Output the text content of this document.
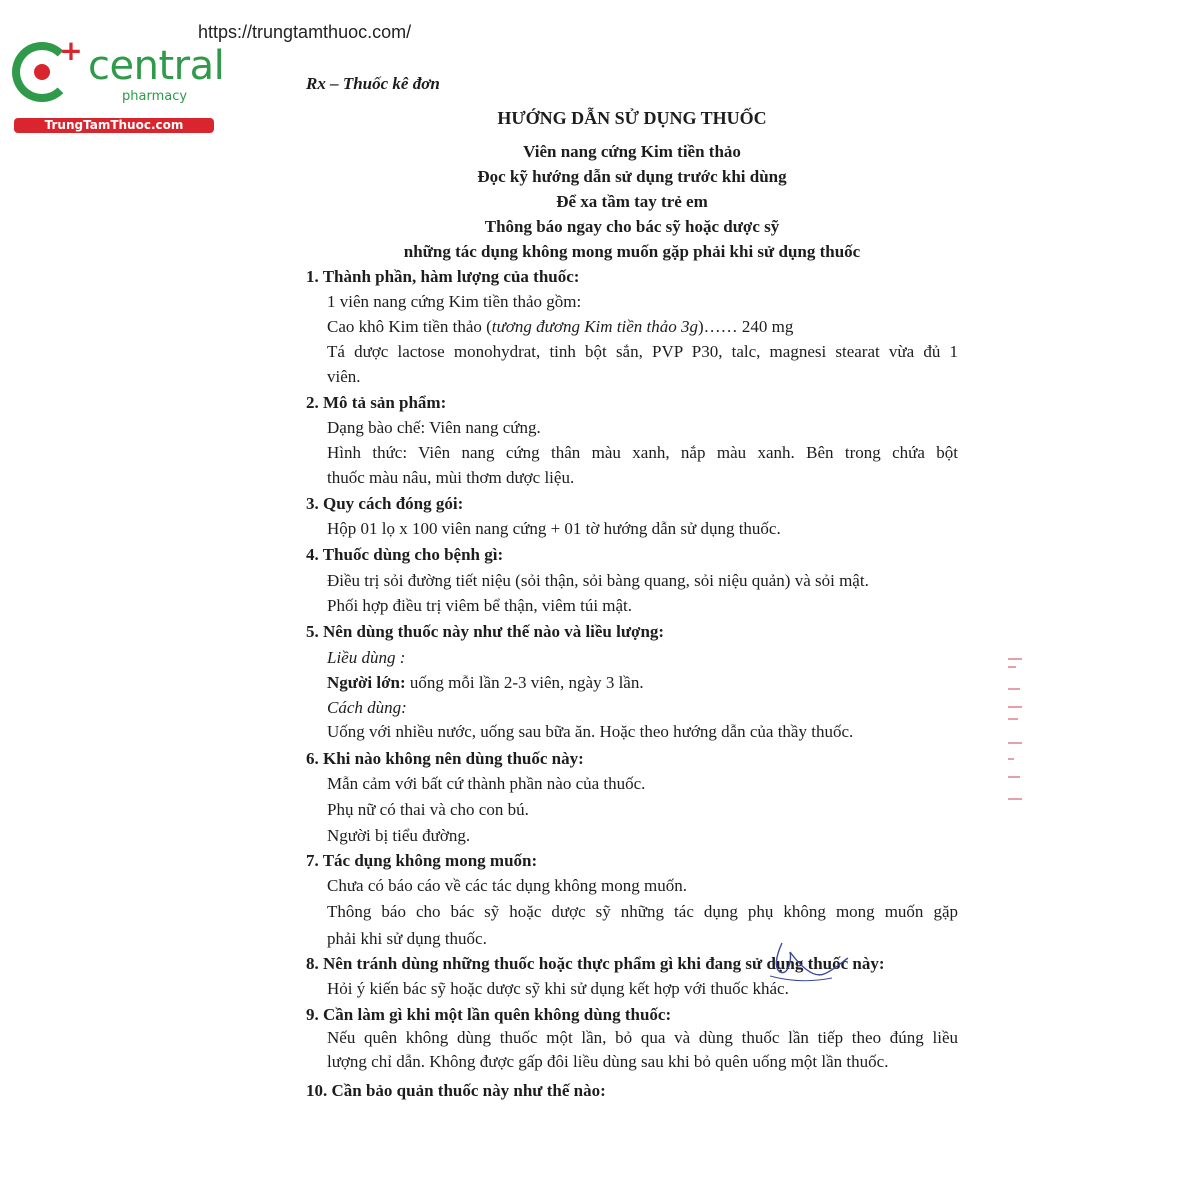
+ central
pharmacy
TrungTamThuoc.com
https://trungtamthuoc.com/
Rx – Thuốc kê đơn
HƯỚNG DẪN SỬ DỤNG THUỐC
Viên nang cứng Kim tiền thảo
Đọc kỹ hướng dẫn sử dụng trước khi dùng
Để xa tầm tay trẻ em
Thông báo ngay cho bác sỹ hoặc dược sỹ
những tác dụng không mong muốn gặp phải khi sử dụng thuốc
1. Thành phần, hàm lượng của thuốc:
1 viên nang cứng Kim tiền thảo gồm:
Cao khô Kim tiền thảo (tương đương Kim tiền thảo 3g)…… 240 mg
Tá dược lactose monohydrat, tinh bột sắn, PVP P30, talc, magnesi stearat vừa đủ 1
viên.
2. Mô tả sản phẩm:
Dạng bào chế: Viên nang cứng.
Hình thức: Viên nang cứng thân màu xanh, nắp màu xanh. Bên trong chứa bột
thuốc màu nâu, mùi thơm dược liệu.
3. Quy cách đóng gói:
Hộp 01 lọ x 100 viên nang cứng + 01 tờ hướng dẫn sử dụng thuốc.
4. Thuốc dùng cho bệnh gì:
Điều trị sỏi đường tiết niệu (sỏi thận, sỏi bàng quang, sỏi niệu quản) và sỏi mật.
Phối hợp điều trị viêm bể thận, viêm túi mật.
5. Nên dùng thuốc này như thế nào và liều lượng:
Liều dùng :
Người lớn: uống mỗi lần 2-3 viên, ngày 3 lần.
Cách dùng:
Uống với nhiều nước, uống sau bữa ăn. Hoặc theo hướng dẫn của thầy thuốc.
6. Khi nào không nên dùng thuốc này:
Mẫn cảm với bất cứ thành phần nào của thuốc.
Phụ nữ có thai và cho con bú.
Người bị tiểu đường.
7. Tác dụng không mong muốn:
Chưa có báo cáo về các tác dụng không mong muốn.
Thông báo cho bác sỹ hoặc dược sỹ những tác dụng phụ không mong muốn gặp
phải khi sử dụng thuốc.
8. Nên tránh dùng những thuốc hoặc thực phẩm gì khi đang sử dụng thuốc này:
Hỏi ý kiến bác sỹ hoặc dược sỹ khi sử dụng kết hợp với thuốc khác.
9. Cần làm gì khi một lần quên không dùng thuốc:
Nếu quên không dùng thuốc một lần, bỏ qua và dùng thuốc lần tiếp theo đúng liều
lượng chỉ dẫn. Không được gấp đôi liều dùng sau khi bỏ quên uống một lần thuốc.
10. Cần bảo quản thuốc này như thế nào:
